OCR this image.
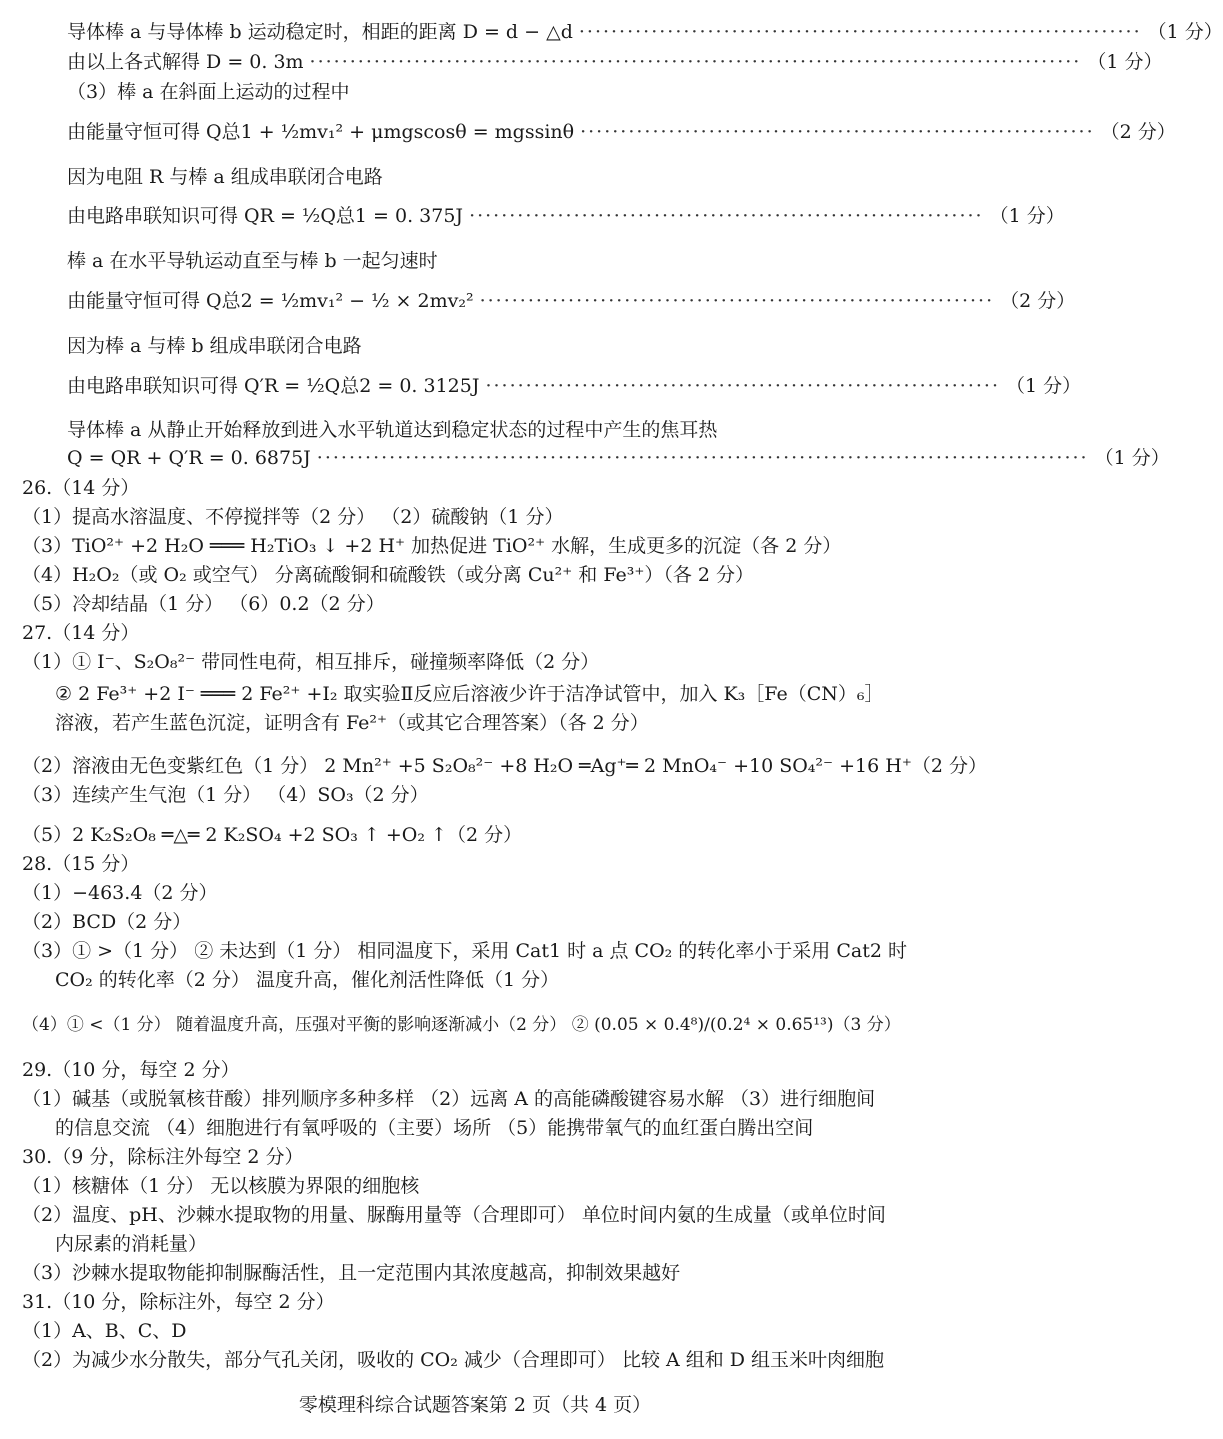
导体棒 a 与导体棒 b 运动稳定时，相距的距离 D = d − △d ······································································ （1 分）
由以上各式解得 D = 0. 3m ································································································ （1 分）
（3）棒 a 在斜面上运动的过程中
由能量守恒可得 Q总1 + ½mv₁² + μmgscosθ = mgssinθ ································································ （2 分）
因为电阻 R 与棒 a 组成串联闭合电路
由电路串联知识可得 QR = ½Q总1 = 0. 375J ································································ （1 分）
棒 a 在水平导轨运动直至与棒 b 一起匀速时
由能量守恒可得 Q总2 = ½mv₁² − ½ × 2mv₂² ································································ （2 分）
因为棒 a 与棒 b 组成串联闭合电路
由电路串联知识可得 Q′R = ½Q总2 = 0. 3125J ································································ （1 分）
导体棒 a 从静止开始释放到进入水平轨道达到稳定状态的过程中产生的焦耳热
Q = QR + Q′R = 0. 6875J ································································································ （1 分）
26.（14 分）
（1）提高水溶温度、不停搅拌等（2 分） （2）硫酸钠（1 分）
（3）TiO²⁺ +2 H₂O ═══ H₂TiO₃ ↓ +2 H⁺ 加热促进 TiO²⁺ 水解，生成更多的沉淀（各 2 分）
（4）H₂O₂（或 O₂ 或空气） 分离硫酸铜和硫酸铁（或分离 Cu²⁺ 和 Fe³⁺）（各 2 分）
（5）冷却结晶（1 分） （6）0.2（2 分）
27.（14 分）
（1）① I⁻、S₂O₈²⁻ 带同性电荷，相互排斥，碰撞频率降低（2 分）
② 2 Fe³⁺ +2 I⁻ ═══ 2 Fe²⁺ +I₂ 取实验Ⅱ反应后溶液少许于洁净试管中，加入 K₃［Fe（CN）₆］
溶液，若产生蓝色沉淀，证明含有 Fe²⁺（或其它合理答案）（各 2 分）
（2）溶液由无色变紫红色（1 分） 2 Mn²⁺ +5 S₂O₈²⁻ +8 H₂O ═Ag⁺═ 2 MnO₄⁻ +10 SO₄²⁻ +16 H⁺（2 分）
（3）连续产生气泡（1 分） （4）SO₃（2 分）
（5）2 K₂S₂O₈ ═△═ 2 K₂SO₄ +2 SO₃ ↑ +O₂ ↑（2 分）
28.（15 分）
（1）−463.4（2 分）
（2）BCD（2 分）
（3）① >（1 分） ② 未达到（1 分） 相同温度下，采用 Cat1 时 a 点 CO₂ 的转化率小于采用 Cat2 时
CO₂ 的转化率（2 分） 温度升高，催化剂活性降低（1 分）
（4）① <（1 分） 随着温度升高，压强对平衡的影响逐渐减小（2 分） ② (0.05 × 0.4⁸)/(0.2⁴ × 0.65¹³)（3 分）
29.（10 分，每空 2 分）
（1）碱基（或脱氧核苷酸）排列顺序多种多样 （2）远离 A 的高能磷酸键容易水解 （3）进行细胞间
的信息交流 （4）细胞进行有氧呼吸的（主要）场所 （5）能携带氧气的血红蛋白腾出空间
30.（9 分，除标注外每空 2 分）
（1）核糖体（1 分） 无以核膜为界限的细胞核
（2）温度、pH、沙棘水提取物的用量、脲酶用量等（合理即可） 单位时间内氨的生成量（或单位时间
内尿素的消耗量）
（3）沙棘水提取物能抑制脲酶活性，且一定范围内其浓度越高，抑制效果越好
31.（10 分，除标注外，每空 2 分）
（1）A、B、C、D
（2）为减少水分散失，部分气孔关闭，吸收的 CO₂ 减少（合理即可） 比较 A 组和 D 组玉米叶肉细胞
零模理科综合试题答案第 2 页（共 4 页）
